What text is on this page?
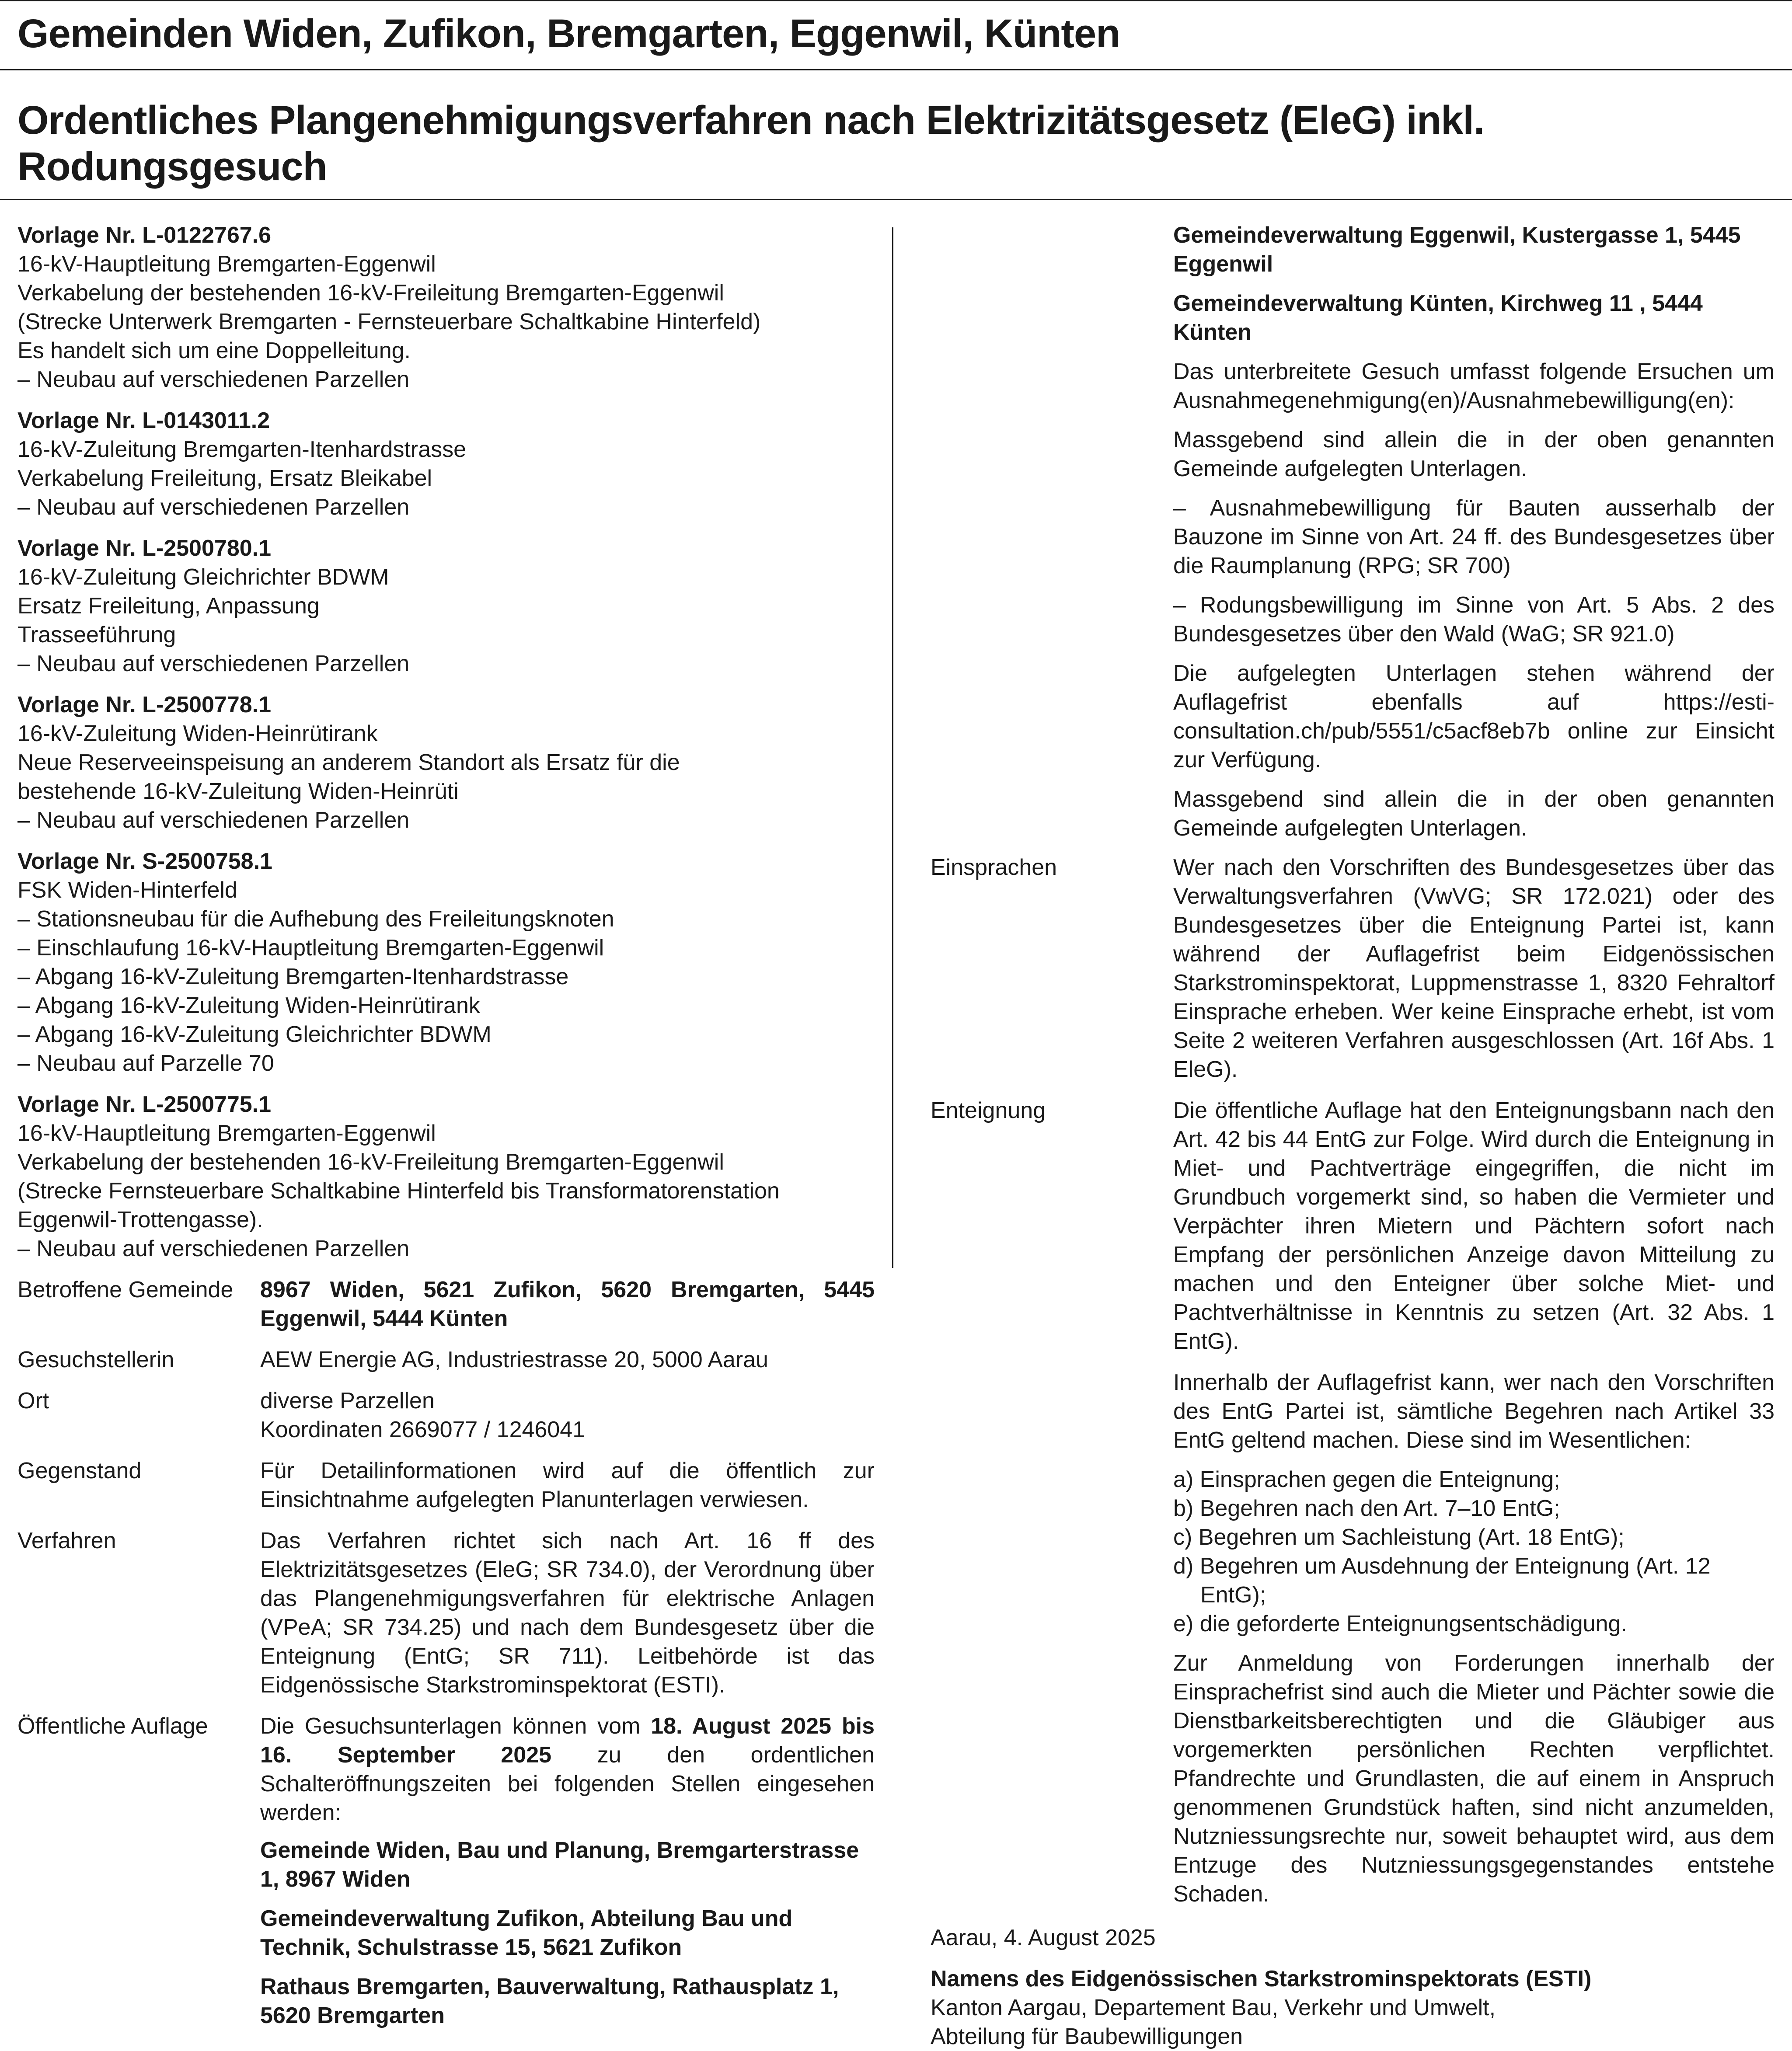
Gemeinden Widen, Zufikon, Bremgarten, Eggenwil, Künten
Ordentliches Plangenehmigungsverfahren nach Elektrizitätsgesetz (EleG) inkl.
Rodungsgesuch
Vorlage Nr. L-0122767.6
16-kV-Hauptleitung Bremgarten-Eggenwil
Verkabelung der bestehenden 16-kV-Freileitung Bremgarten-Eggenwil
(Strecke Unterwerk Bremgarten - Fernsteuerbare Schaltkabine Hinterfeld)
Es handelt sich um eine Doppelleitung.
– Neubau auf verschiedenen Parzellen
Vorlage Nr. L-0143011.2
16-kV-Zuleitung Bremgarten-Itenhardstrasse
Verkabelung Freileitung, Ersatz Bleikabel
– Neubau auf verschiedenen Parzellen
Vorlage Nr. L-2500780.1
16-kV-Zuleitung Gleichrichter BDWM
Ersatz Freileitung, Anpassung
Trasseeführung
– Neubau auf verschiedenen Parzellen
Vorlage Nr. L-2500778.1
16-kV-Zuleitung Widen-Heinrütirank
Neue Reserveeinspeisung an anderem Standort als Ersatz für die
bestehende 16-kV-Zuleitung Widen-Heinrüti
– Neubau auf verschiedenen Parzellen
Vorlage Nr. S-2500758.1
FSK Widen-Hinterfeld
– Stationsneubau für die Aufhebung des Freileitungsknoten
– Einschlaufung 16-kV-Hauptleitung Bremgarten-Eggenwil
– Abgang 16-kV-Zuleitung Bremgarten-Itenhardstrasse
– Abgang 16-kV-Zuleitung Widen-Heinrütirank
– Abgang 16-kV-Zuleitung Gleichrichter BDWM
– Neubau auf Parzelle 70
Vorlage Nr. L-2500775.1
16-kV-Hauptleitung Bremgarten-Eggenwil
Verkabelung der bestehenden 16-kV-Freileitung Bremgarten-Eggenwil
(Strecke Fernsteuerbare Schaltkabine Hinterfeld bis Transformatorenstation
Eggenwil-Trottengasse).
– Neubau auf verschiedenen Parzellen
Betroffene Gemeinde	8967 Widen, 5621 Zufikon, 5620 Bremgarten, 5445 Eggenwil, 5444 Künten
Gesuchstellerin	AEW Energie AG, Industriestrasse 20, 5000 Aarau
Ort	diverse Parzellen
Koordinaten 2669077 / 1246041
Gegenstand	Für Detailinformationen wird auf die öffentlich zur Einsichtnahme aufgelegten Planunterlagen verwiesen.
Verfahren	Das Verfahren richtet sich nach Art. 16 ff des Elektrizitätsgesetzes (EleG; SR 734.0), der Verordnung über das Plangenehmigungsverfahren für elektrische Anlagen (VPeA; SR 734.25) und nach dem Bundesgesetz über die Enteignung (EntG; SR 711). Leitbehörde ist das Eidgenössische Starkstrominspektorat (ESTI).
Öffentliche Auflage	Die Gesuchsunterlagen können vom 18. August 2025 bis 16. September 2025 zu den ordentlichen Schalteröffnungszeiten bei folgenden Stellen eingesehen werden:
Gemeinde Widen, Bau und Planung, Bremgarterstrasse 1, 8967 Widen
Gemeindeverwaltung Zufikon, Abteilung Bau und Technik, Schulstrasse 15, 5621 Zufikon
Rathaus Bremgarten, Bauverwaltung, Rathausplatz 1, 5620 Bremgarten
Gemeindeverwaltung Eggenwil, Kustergasse 1, 5445 Eggenwil
Gemeindeverwaltung Künten, Kirchweg 11 , 5444 Künten
Das unterbreitete Gesuch umfasst folgende Ersuchen um Ausnahmegenehmigung(en)/Ausnahmebewilligung(en):
Massgebend sind allein die in der oben genannten Gemeinde aufgelegten Unterlagen.
– Ausnahmebewilligung für Bauten ausserhalb der Bauzone im Sinne von Art. 24 ff. des Bundesgesetzes über die Raumplanung (RPG; SR 700)
– Rodungsbewilligung im Sinne von Art. 5 Abs. 2 des Bundesgesetzes über den Wald (WaG; SR 921.0)
Die aufgelegten Unterlagen stehen während der Auflagefrist ebenfalls auf https://esti-consultation.ch/pub/5551/c5acf8eb7b online zur Einsicht zur Verfügung.
Massgebend sind allein die in der oben genannten Gemeinde aufgelegten Unterlagen.
Einsprachen	Wer nach den Vorschriften des Bundesgesetzes über das Verwaltungsverfahren (VwVG; SR 172.021) oder des Bundesgesetzes über die Enteignung Partei ist, kann während der Auflagefrist beim Eidgenössischen Starkstrominspektorat, Luppmenstrasse 1, 8320 Fehraltorf Einsprache erheben. Wer keine Einsprache erhebt, ist vom Seite 2 weiteren Verfahren ausgeschlossen (Art. 16f Abs. 1 EleG).
Enteignung	Die öffentliche Auflage hat den Enteignungsbann nach den Art. 42 bis 44 EntG zur Folge. Wird durch die Enteignung in Miet- und Pachtverträge eingegriffen, die nicht im Grundbuch vorgemerkt sind, so haben die Vermieter und Verpächter ihren Mietern und Pächtern sofort nach Empfang der persönlichen Anzeige davon Mitteilung zu machen und den Enteigner über solche Miet- und Pachtverhältnisse in Kenntnis zu setzen (Art. 32 Abs. 1 EntG).
Innerhalb der Auflagefrist kann, wer nach den Vorschriften des EntG Partei ist, sämtliche Begehren nach Artikel 33 EntG geltend machen. Diese sind im Wesentlichen:
a) Einsprachen gegen die Enteignung;
b) Begehren nach den Art. 7–10 EntG;
c) Begehren um Sachleistung (Art. 18 EntG);
d) Begehren um Ausdehnung der Enteignung (Art. 12 EntG);
e) die geforderte Enteignungsentschädigung.
Zur Anmeldung von Forderungen innerhalb der Einsprachefrist sind auch die Mieter und Pächter sowie die Dienstbarkeitsberechtigten und die Gläubiger aus vorgemerkten persönlichen Rechten verpflichtet. Pfandrechte und Grundlasten, die auf einem in Anspruch genommenen Grundstück haften, sind nicht anzumelden, Nutzniessungsrechte nur, soweit behauptet wird, aus dem Entzuge des Nutzniessungsgegenstandes entstehe Schaden.
Aarau, 4. August 2025
Namens des Eidgenössischen Starkstrominspektorats (ESTI)
Kanton Aargau, Departement Bau, Verkehr und Umwelt,
Abteilung für Baubewilligungen
